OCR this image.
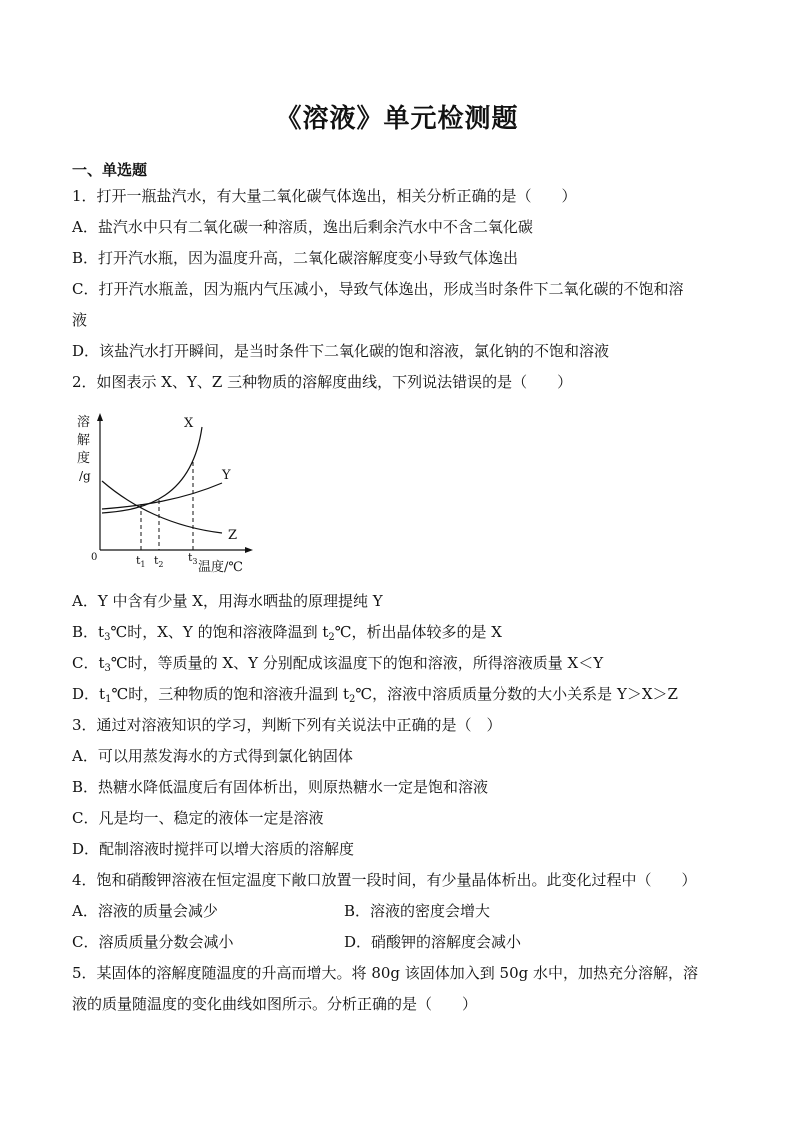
《溶液》单元检测题
一、单选题
1．打开一瓶盐汽水，有大量二氧化碳气体逸出，相关分析正确的是（　　）
A．盐汽水中只有二氧化碳一种溶质，逸出后剩余汽水中不含二氧化碳
B．打开汽水瓶，因为温度升高，二氧化碳溶解度变小导致气体逸出
C．打开汽水瓶盖，因为瓶内气压减小，导致气体逸出，形成当时条件下二氧化碳的不饱和溶
液
D．该盐汽水打开瞬间，是当时条件下二氧化碳的饱和溶液，氯化钠的不饱和溶液
2．如图表示 X、Y、Z 三种物质的溶解度曲线，下列说法错误的是（　　）
溶
解
度
/g
0
X
Y
Z
$t_1$ $t_2$
$t_3$ 温度/℃
A．Y 中含有少量 X，用海水晒盐的原理提纯 Y
B．$t_3℃$时，X、Y 的饱和溶液降温到 $t_2℃$，析出晶体较多的是 X
C．$t_3℃$时，等质量的 X、Y 分别配成该温度下的饱和溶液，所得溶液质量 X＜Y
D．$t_1℃$时，三种物质的饱和溶液升温到 $t_2℃$，溶液中溶质质量分数的大小关系是 Y＞X＞Z
3．通过对溶液知识的学习，判断下列有关说法中正确的是（　）
A．可以用蒸发海水的方式得到氯化钠固体
B．热糖水降低温度后有固体析出，则原热糖水一定是饱和溶液
C．凡是均一、稳定的液体一定是溶液
D．配制溶液时搅拌可以增大溶质的溶解度
4．饱和硝酸钾溶液在恒定温度下敞口放置一段时间，有少量晶体析出。此变化过程中（　　）
A．溶液的质量会减少	B．溶液的密度会增大
C．溶质质量分数会减小	D．硝酸钾的溶解度会减小
5．某固体的溶解度随温度的升高而增大。将 80g 该固体加入到 50g 水中，加热充分溶解，溶
液的质量随温度的变化曲线如图所示。分析正确的是（　　）
